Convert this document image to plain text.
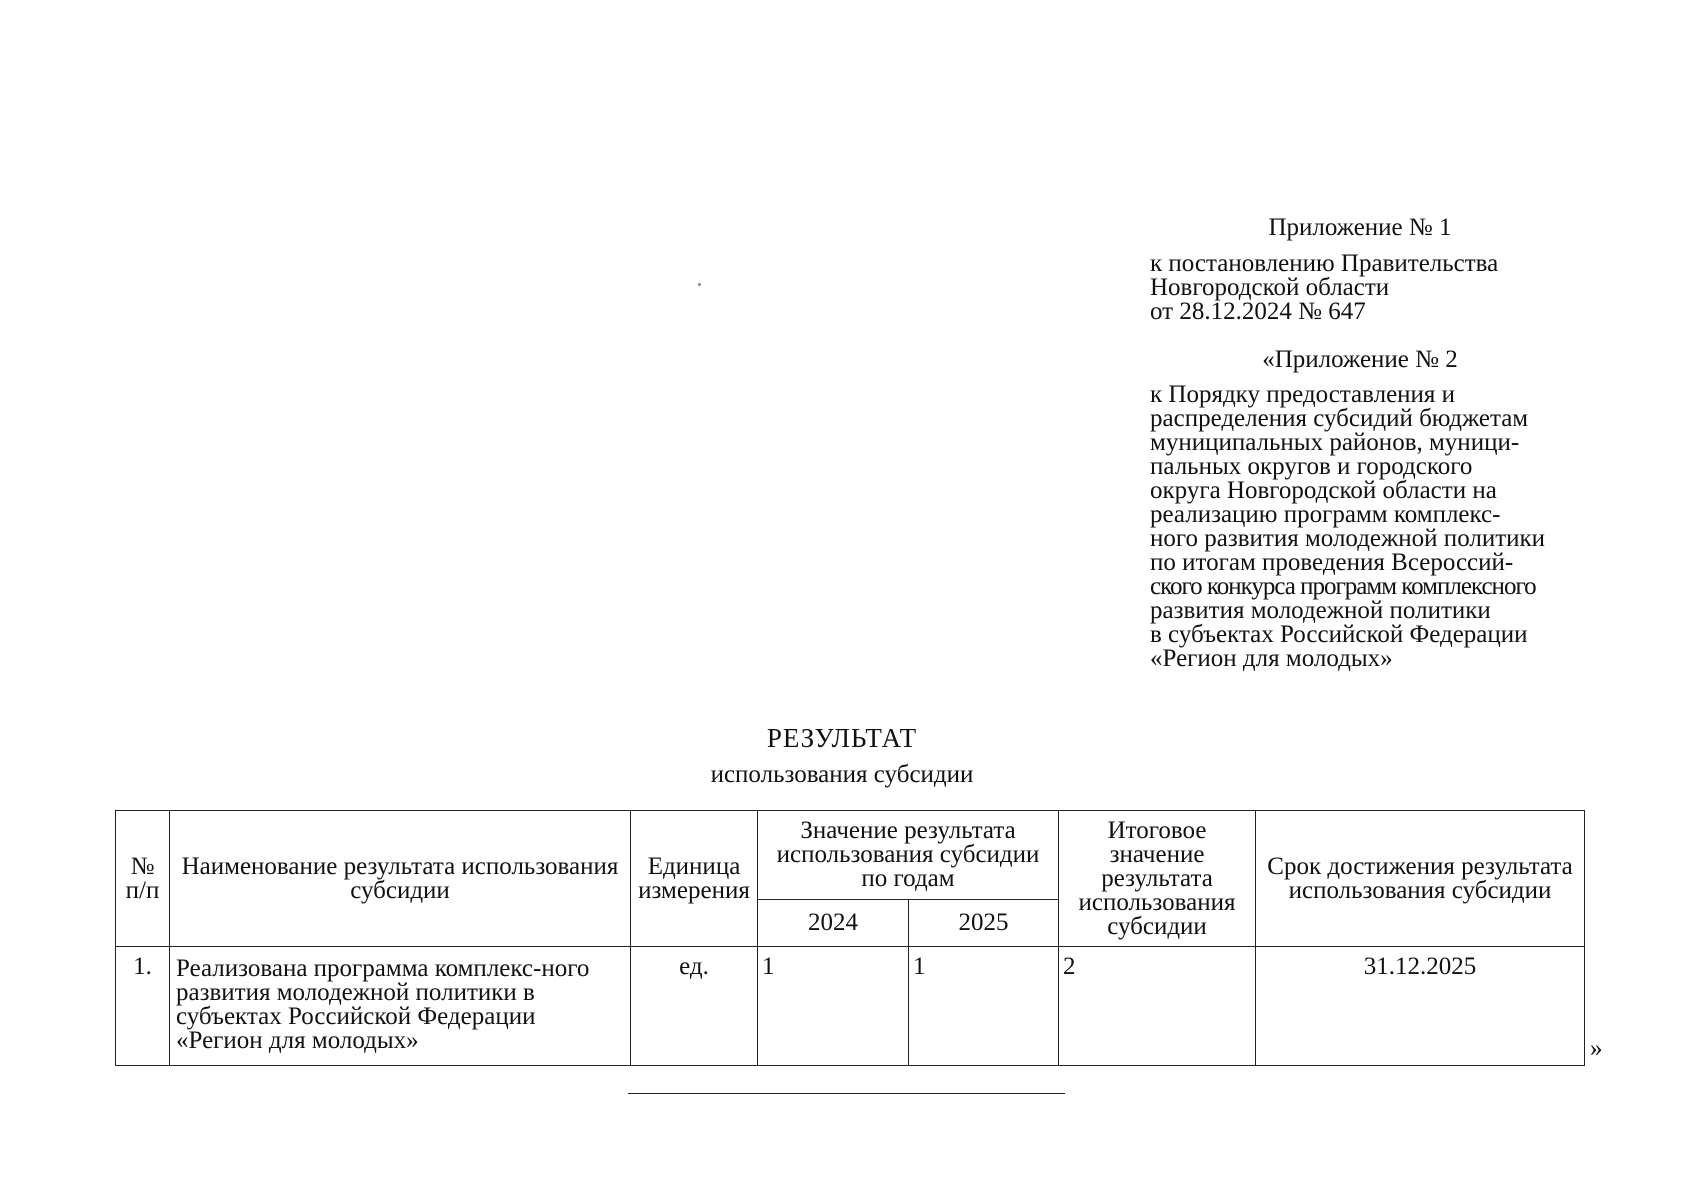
Приложение № 1
к постановлению Правительства
Новгородской области
от 28.12.2024 № 647
«Приложение № 2
к Порядку предоставления и
распределения субсидий бюджетам
муниципальных районов, муници-
пальных округов и городского
округа Новгородской области на
реализацию программ комплекс-
ного развития молодежной политики
по итогам проведения Всероссий-
ского конкурса программ комплексного
развития молодежной политики
в субъектах Российской Федерации
«Регион для молодых»
РЕЗУЛЬТАТ
использования субсидии
№ п/п	Наименование результата использования субсидии	Единица измерения	Значение результата использования субсидии по годам		Итоговое значение результата использования субсидии	Срок достижения результата использования субсидии
			2024	2025		
1.	Реализована программа комплекс-ного развития молодежной политики в субъектах Российской Федерации «Регион для молодых»	ед.	1	1	2	31.12.2025
»
